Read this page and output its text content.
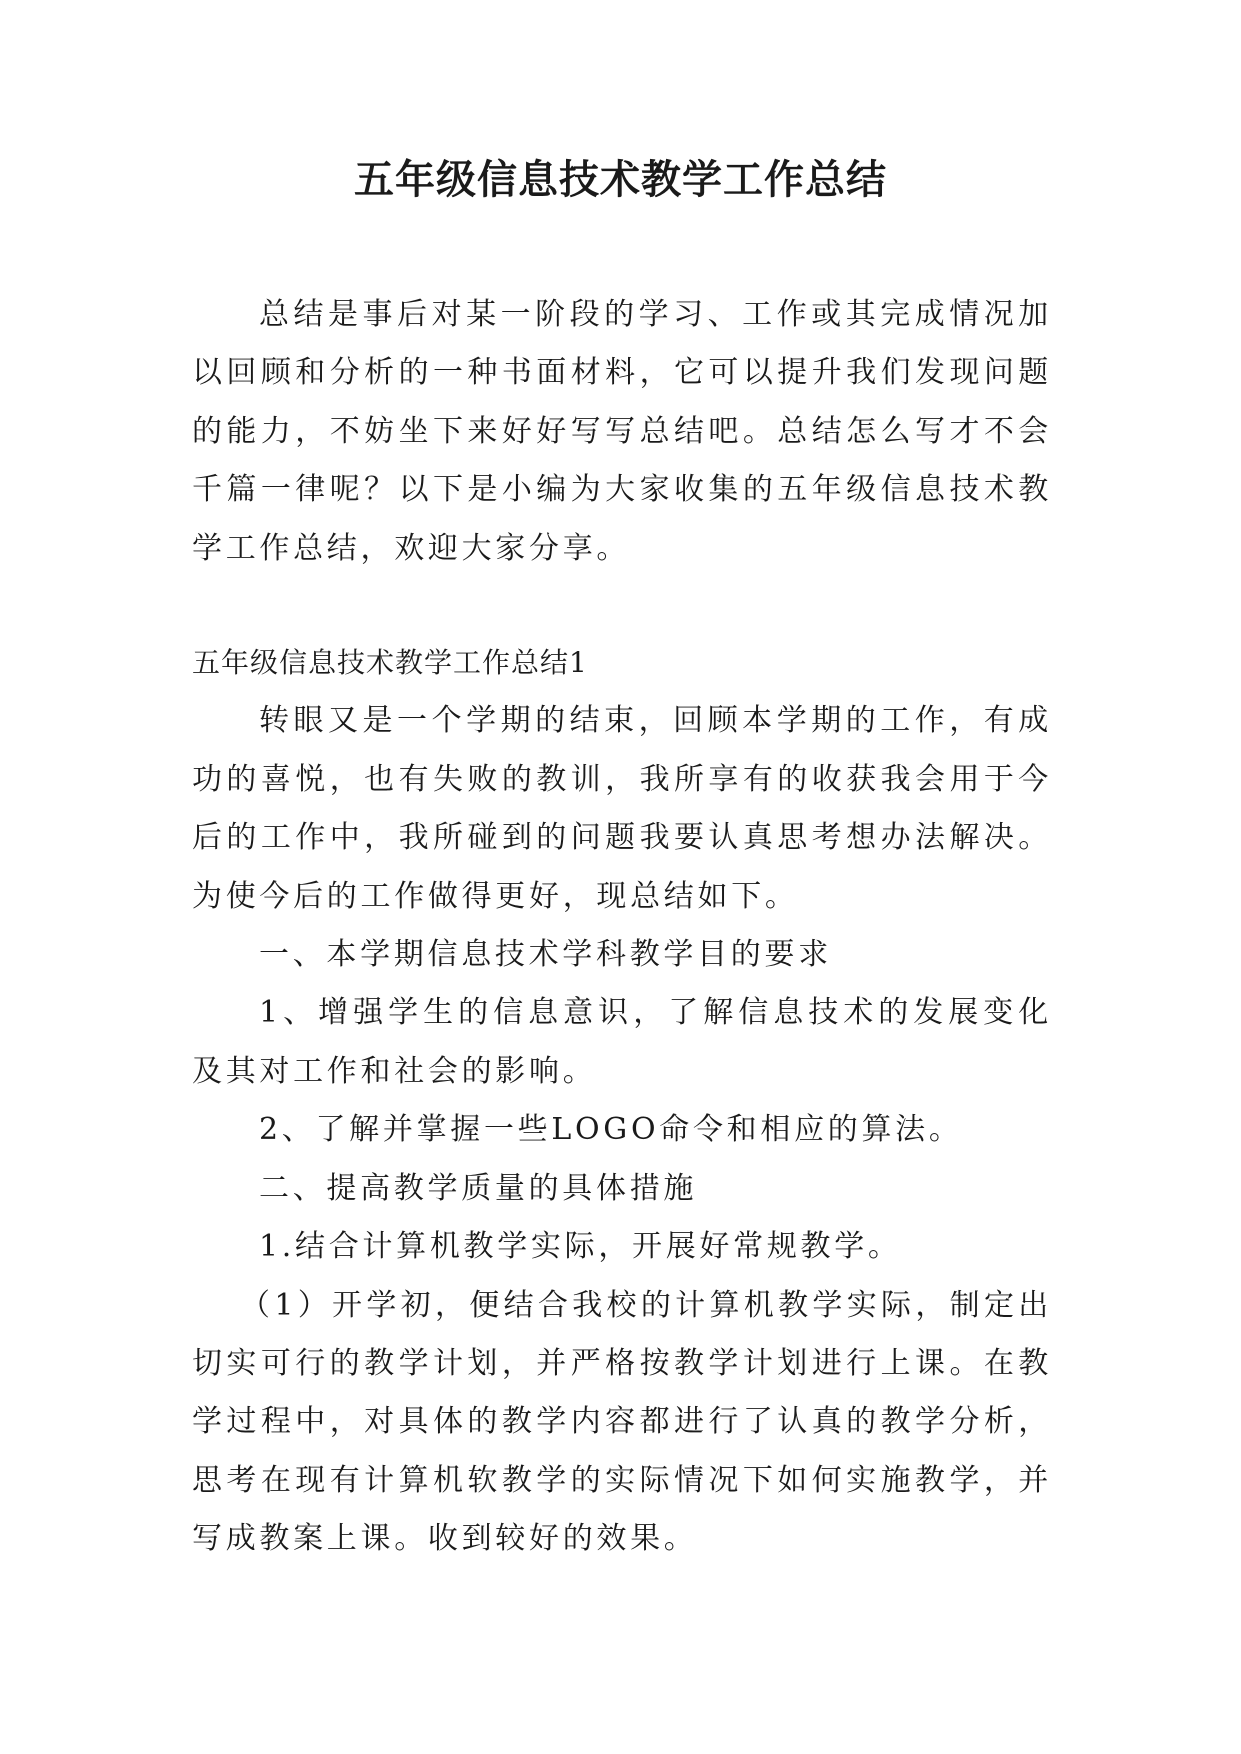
五年级信息技术教学工作总结

总结是事后对某一阶段的学习、工作或其完成情况加以回顾和分析的一种书面材料，它可以提升我们发现问题的能力，不妨坐下来好好写写总结吧。总结怎么写才不会千篇一律呢？以下是小编为大家收集的五年级信息技术教学工作总结，欢迎大家分享。

五年级信息技术教学工作总结1

转眼又是一个学期的结束，回顾本学期的工作，有成功的喜悦，也有失败的教训，我所享有的收获我会用于今后的工作中，我所碰到的问题我要认真思考想办法解决。为使今后的工作做得更好，现总结如下。

一、本学期信息技术学科教学目的要求

1、增强学生的信息意识，了解信息技术的发展变化及其对工作和社会的影响。

2、了解并掌握一些LOGO命令和相应的算法。

二、提高教学质量的具体措施

1.结合计算机教学实际，开展好常规教学。

（1）开学初，便结合我校的计算机教学实际，制定出切实可行的教学计划，并严格按教学计划进行上课。在教学过程中，对具体的教学内容都进行了认真的教学分析，思考在现有计算机软教学的实际情况下如何实施教学，并写成教案上课。收到较好的效果。
